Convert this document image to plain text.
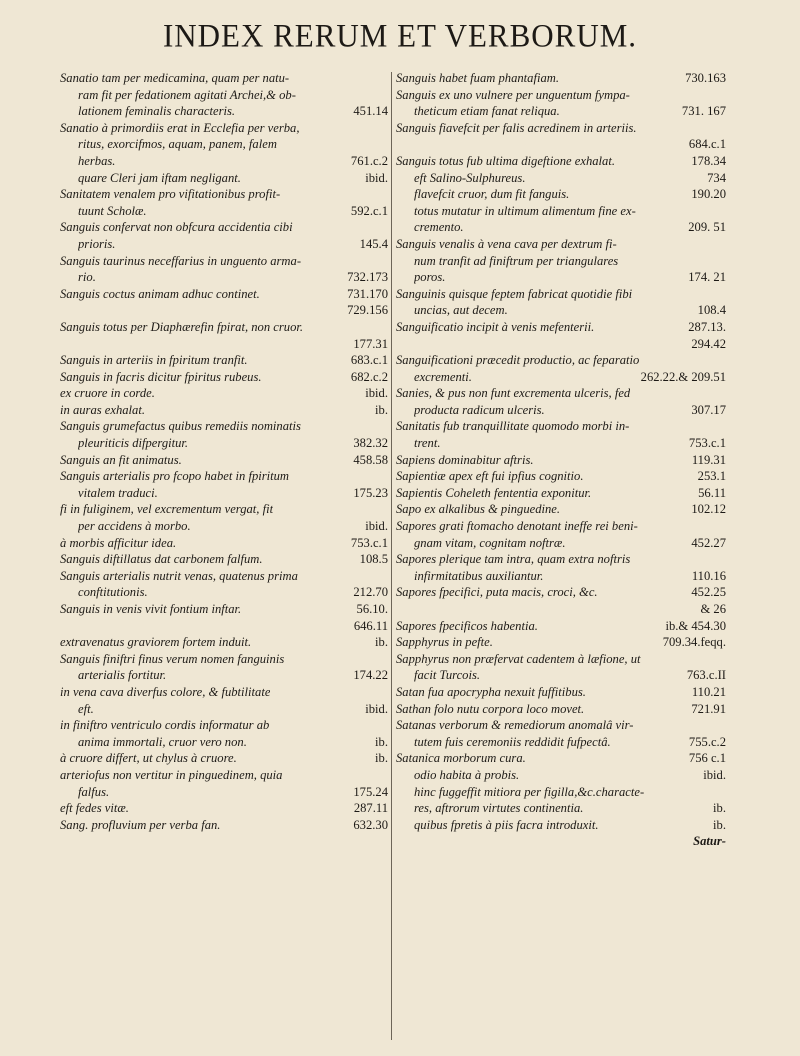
INDEX RERUM ET VERBORUM.
Sanatio tam per medicamina, quam per natu-
ram fit per fedationem agitati Archei,& ob-
lationem feminalis characteris.	451.14
Sanatio à primordiis erat in Ecclefia per verba,
ritus, exorcifmos, aquam, panem, falem
herbas.	761.c.2
quare Cleri jam iftam negligant.	ibid.
Sanitatem venalem pro vifitationibus profit-
tuunt Scholæ.	592.c.1
Sanguis confervat non obfcura accidentia cibi
prioris.	145.4
Sanguis taurinus neceffarius in unguento arma-
rio.	732.173
Sanguis coctus animam adhuc continet.	731.170
729.156
Sanguis totus per Diaphærefin fpirat, non cruor.
177.31
Sanguis in arteriis in fpiritum tranfit.	683.c.1
Sanguis in facris dicitur fpiritus rubeus.	682.c.2
ex cruore in corde.	ibid.
in auras exhalat.	ib.
Sanguis grumefactus quibus remediis nominatis
pleuriticis difpergitur.	382.32
Sanguis an fit animatus.	458.58
Sanguis arterialis pro fcopo habet in fpiritum
vitalem traduci.	175.23
fi in fuliginem, vel excrementum vergat, fit
per accidens à morbo.	ibid.
à morbis afficitur idea.	753.c.1
Sanguis diftillatus dat carbonem falfum.	108.5
Sanguis arterialis nutrit venas, quatenus prima
conftitutionis.	212.70
Sanguis in venis vivit fontium inftar.	56.10.
646.11
extravenatus graviorem fortem induit.	ib.
Sanguis finiftri finus verum nomen fanguinis
arterialis fortitur.	174.22
in vena cava diverfus colore, & fubtilitate
eft.	ibid.
in finiftro ventriculo cordis informatur ab
anima immortali, cruor vero non.	ib.
à cruore differt, ut chylus à cruore.	ib.
arteriofus non vertitur in pinguedinem, quia
falfus.	175.24
eft fedes vitæ.	287.11
Sang. profluvium per verba fan.	632.30
Sanguis habet fuam phantafiam.	730.163
Sanguis ex uno vulnere per unguentum fympa-
theticum etiam fanat reliqua.	731. 167
Sanguis fiavefcit per falis acredinem in arteriis.
684.c.1
Sanguis totus fub ultima digeftione exhalat.	178.34
eft Salino-Sulphureus.	734
flavefcit cruor, dum fit fanguis.	190.20
totus mutatur in ultimum alimentum fine ex-
cremento.	209. 51
Sanguis venalis à vena cava per dextrum fi-
num tranfit ad finiftrum per triangulares
poros.	174. 21
Sanguinis quisque feptem fabricat quotidie fibi
uncias, aut decem.	108.4
Sanguificatio incipit à venis mefenterii.	287.13.
294.42
Sanguificationi præcedit productio, ac feparatio
excrementi.	262.22.& 209.51
Sanies, & pus non funt excrementa ulceris, fed
producta radicum ulceris.	307.17
Sanitatis fub tranquillitate quomodo morbi in-
trent.	753.c.1
Sapiens dominabitur aftris.	119.31
Sapientiæ apex eft fui ipfius cognitio.	253.1
Sapientis Coheleth fententia exponitur.	56.11
Sapo ex alkalibus & pinguedine.	102.12
Sapores grati ftomacho denotant ineffe rei beni-
gnam vitam, cognitam noftræ.	452.27
Sapores plerique tam intra, quam extra noftris
infirmitatibus auxiliantur.	110.16
Sapores fpecifici, puta macis, croci, &c.	452.25
& 26
Sapores fpecificos habentia.	ib.& 454.30
Sapphyrus in pefte.	709.34.feqq.
Sapphyrus non præfervat cadentem à læfione, ut
facit Turcois.	763.c.II
Satan fua apocrypha nexuit fuffitibus.	110.21
Sathan folo nutu corpora loco movet.	721.91
Satanas verborum & remediorum anomalâ vir-
tutem fuis ceremoniis reddidit fufpectâ.	755.c.2
Satanica morborum cura.	756 c.1
odio habita à probis.	ibid.
hinc fuggeffit mitiora per figilla,&c.characte-
res, aftrorum virtutes continentia.	ib.
quibus fpretis à piis facra introduxit.	ib.
Satur-
